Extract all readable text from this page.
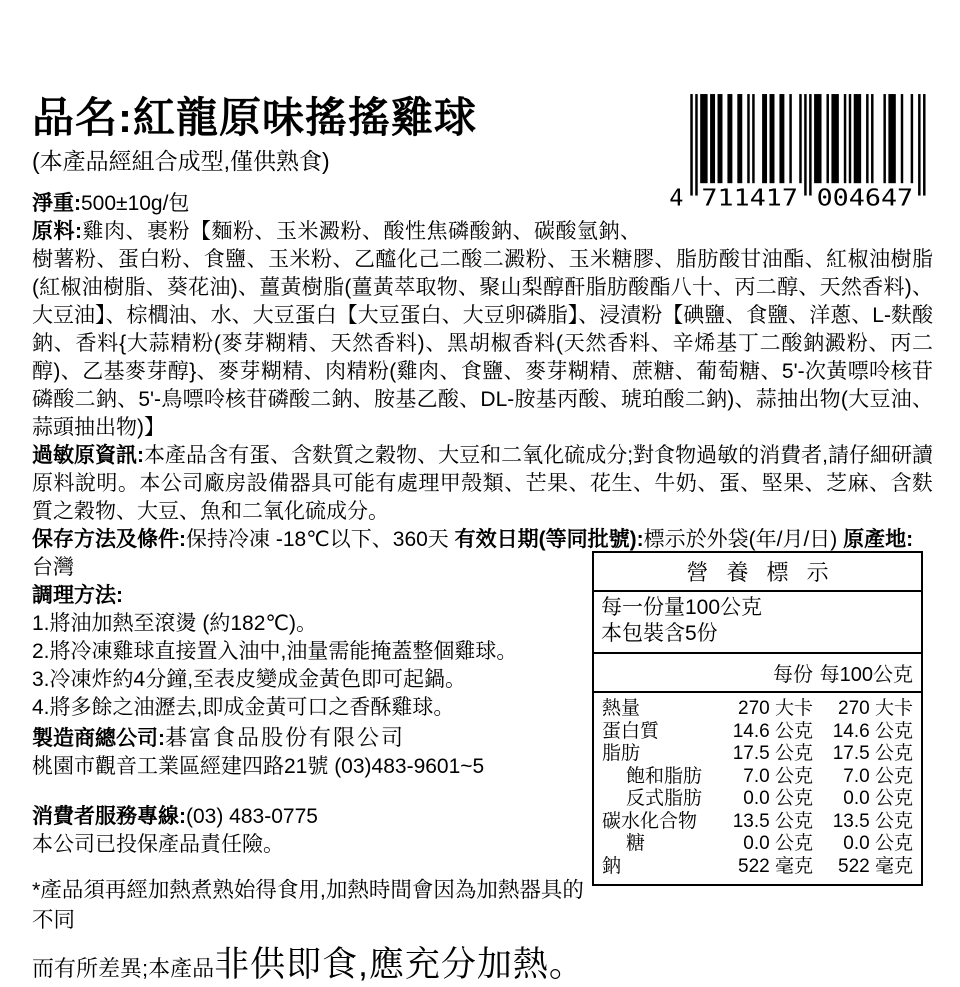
4 711417 004647
品名:紅龍原味搖搖雞球
(本產品經組合成型,僅供熟食)

淨重:500±10g/包

原料:雞肉、裹粉【麵粉、玉米澱粉、酸性焦磷酸鈉、碳酸氫鈉、樹薯粉、蛋白粉、食鹽、玉米粉、乙醯化己二酸二澱粉、玉米糖膠、脂肪酸甘油酯、紅椒油樹脂(紅椒油樹脂、葵花油)、薑黃樹脂(薑黃萃取物、聚山梨醇酐脂肪酸酯八十、丙二醇、天然香料)、大豆油】、棕櫚油、水、大豆蛋白【大豆蛋白、大豆卵磷脂】、浸漬粉【碘鹽、食鹽、洋蔥、L-麩酸鈉、香料{大蒜精粉(麥芽糊精、天然香料)、黑胡椒香料(天然香料、辛烯基丁二酸鈉澱粉、丙二醇)、乙基麥芽醇}、麥芽糊精、肉精粉(雞肉、食鹽、麥芽糊精、蔗糖、葡萄糖、5'-次黃嘌呤核苷磷酸二鈉、5'-鳥嘌呤核苷磷酸二鈉、胺基乙酸、DL-胺基丙酸、琥珀酸二鈉)、蒜抽出物(大豆油、蒜頭抽出物)】

過敏原資訊:本產品含有蛋、含麩質之穀物、大豆和二氧化硫成分;對食物過敏的消費者,請仔細研讀原料說明。本公司廠房設備器具可能有處理甲殼類、芒果、花生、牛奶、蛋、堅果、芝麻、含麩質之穀物、大豆、魚和二氧化硫成分。

保存方法及條件:保持冷凍 -18℃以下、360天 有效日期(等同批號):標示於外袋(年/月/日) 原產地:台灣

調理方法:

1.將油加熱至滾燙 (約182℃)。

2.將冷凍雞球直接置入油中,油量需能掩蓋整個雞球。

3.冷凍炸約4分鐘,至表皮變成金黃色即可起鍋。

4.將多餘之油瀝去,即成金黃可口之香酥雞球。

製造商總公司:碁富食品股份有限公司

桃園市觀音工業區經建四路21號 (03)483-9601~5

消費者服務專線:(03) 483-0775

本公司已投保產品責任險。

*產品須再經加熱煮熟始得食用,加熱時間會因為加熱器具的不同
而有所差異;本產品非供即食,應充分加熱。
營 養 標 示
每一份量100公克
本包裝含5份
每份 每100公克
熱量	270 大卡	270 大卡
蛋白質	14.6 公克	14.6 公克
脂肪	17.5 公克	17.5 公克
飽和脂肪	7.0 公克	7.0 公克
反式脂肪	0.0 公克	0.0 公克
碳水化合物	13.5 公克	13.5 公克
糖	0.0 公克	0.0 公克
鈉	522 毫克	522 毫克
